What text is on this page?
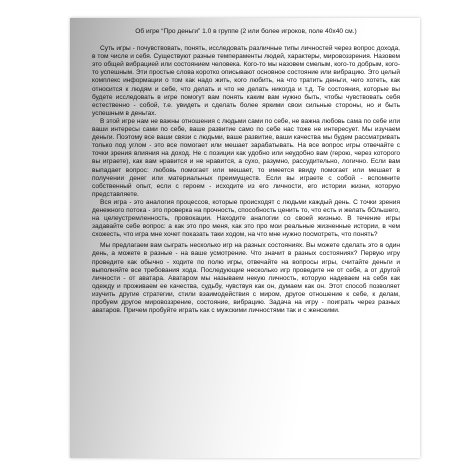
Об игре “Про деньги” 1.0 в группе (2 или более игроков, поле 40х40 см.)

Суть игры - почувствовать, понять, исследовать различные типы личностей через вопрос дохода, в том числе и себя. Существуют разные темпераменты людей, характеры, мировоззрения. Назовем это общей вибрацией или состоянием человека. Кого-то мы назовем смелым, кого-то добрым, кого-то успешным. Эти простые слова коротко описывают основное состояние или вибрацию. Это целый комплекс информации о том как надо жить, кого любить, на что тратить деньги, чего хотеть, как относится к людям и себе, что делать и что не делать никогда и т.д. Те состояния, которые вы будете исследовать в игре помогут вам понять каким вам нужно быть, чтобы чувствовать себя естественно - собой, т.е. увидеть и сделать более яркими свои сильные стороны, но и быть успешным в деньгах.

В этой игре нам не важны отношения с людьми сами по себе, не важна любовь сама по себе или ваши интересы сами по себе, ваше развитие само по себе нас тоже не интересует. Мы изучаем деньги. Поэтому все ваши связи с людьми, ваше развитие, ваши качества мы будем рассматривать только под углом - это все помогает или мешает зарабатывать. На все вопрос игры отвечайте с точки зрения влияния на доход. Не с позиции как удобно или неудобно вам (герою, через которого вы играете), как вам нравится и не нравится, а сухо, разумно, рассудительно, логично. Если вам выпадает вопрос: любовь помогает или мешает, то имеется ввиду помогает или мешает в получении денег или материальных преимуществ. Если вы играете с собой - вспомните собственный опыт, если с героем - исходите из его личности, его истории жизни, которую представляете.

Вся игра - это аналогия процессов, которые происходят с людьми каждый день. С точки зрения денежного потока - это проверка на прочность, способность ценить то, что есть и желать бОльшего, на целеустремленность, провокации. Находите аналогии со своей жизнью. В течение игры задавайте себе вопрос: а как это про меня, как это про мои реальные жизненные истории, в чем схожесть, что игра мне хочет показать таки ходом, на что мне нужно посмотреть, что понять?

Мы предлагаем вам сыграть несколько игр на разных состояниях. Вы можете сделать это в один день, а можете в разные - на ваше усмотрение. Что значит в разных состояниях? Первую игру проведите как обычно - ходите по полю игры, отвечайте на вопросы игры, считайте деньги и выполняйте все требования хода. Последующие несколько игр проведите не от себя, а от другой личности - от аватара. Аватаром мы называем некую личность, которую надеваем на себя как одежду и проживаем ее качества, судьбу, чувствуя как он, думаем как он. Этот способ позволяет изучить другие стратегии, стили взаимодействия с миром, другое отношение к себе, к делам, пробуем другое мировоззрение, состояние, вибрацию. Задача на игру - поиграть через разных аватаров. Причем пробуйте играть как с мужскими личностями так и с женскими.
